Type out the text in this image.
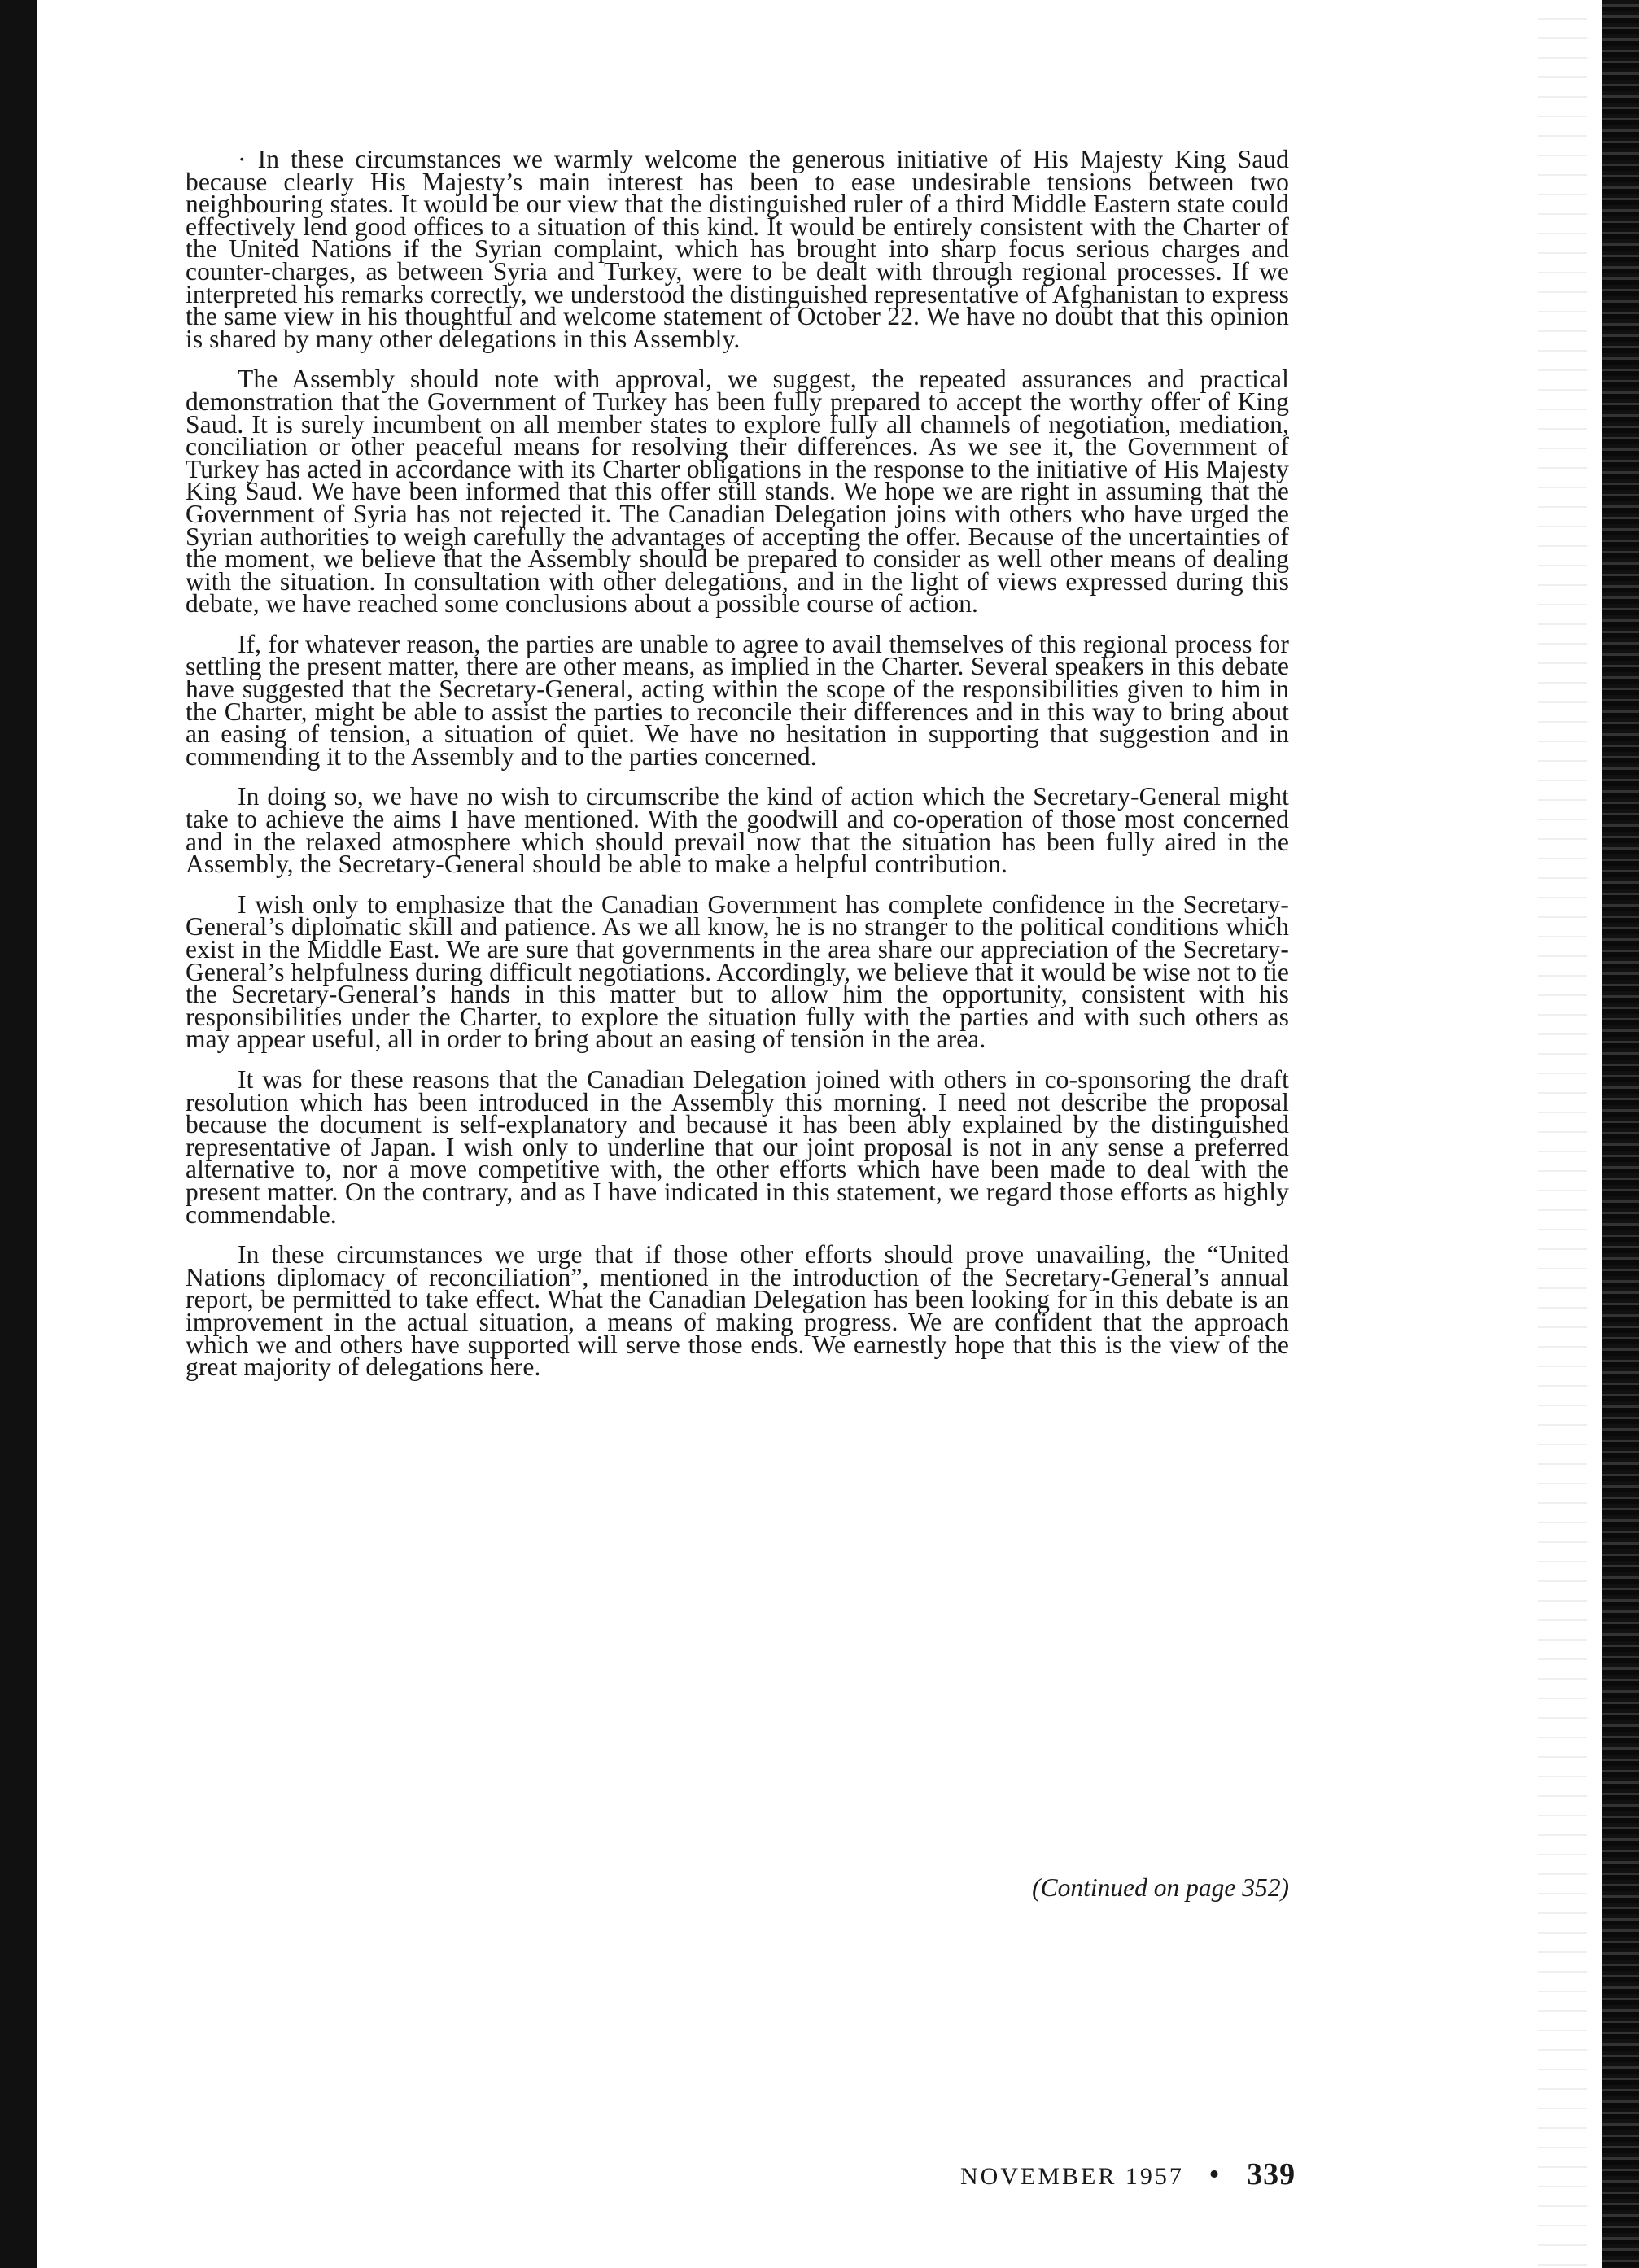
· In these circumstances we warmly welcome the generous initiative of His Majesty King Saud because clearly His Majesty’s main interest has been to ease undesirable tensions between two neighbouring states. It would be our view that the distinguished ruler of a third Middle Eastern state could effectively lend good offices to a situation of this kind. It would be entirely consistent with the Charter of the United Nations if the Syrian complaint, which has brought into sharp focus serious charges and counter-charges, as between Syria and Turkey, were to be dealt with through regional processes. If we interpreted his remarks correctly, we understood the distinguished representative of Afghanistan to express the same view in his thoughtful and welcome statement of October 22. We have no doubt that this opinion is shared by many other delegations in this Assembly.

The Assembly should note with approval, we suggest, the repeated assurances and practical demonstration that the Government of Turkey has been fully prepared to accept the worthy offer of King Saud. It is surely incumbent on all member states to explore fully all channels of negotiation, mediation, conciliation or other peaceful means for resolving their differences. As we see it, the Government of Turkey has acted in accordance with its Charter obligations in the response to the initiative of His Majesty King Saud. We have been informed that this offer still stands. We hope we are right in assuming that the Government of Syria has not rejected it. The Canadian Delegation joins with others who have urged the Syrian authorities to weigh carefully the advantages of accepting the offer. Because of the uncertainties of the moment, we believe that the Assembly should be prepared to consider as well other means of dealing with the situation. In consultation with other delegations, and in the light of views expressed during this debate, we have reached some conclusions about a possible course of action.

If, for whatever reason, the parties are unable to agree to avail themselves of this regional process for settling the present matter, there are other means, as implied in the Charter. Several speakers in this debate have suggested that the Secretary-General, acting within the scope of the responsibilities given to him in the Charter, might be able to assist the parties to reconcile their differences and in this way to bring about an easing of tension, a situation of quiet. We have no hesitation in supporting that suggestion and in commending it to the Assembly and to the parties concerned.

In doing so, we have no wish to circumscribe the kind of action which the Secretary-General might take to achieve the aims I have mentioned. With the goodwill and co-operation of those most concerned and in the relaxed atmosphere which should prevail now that the situation has been fully aired in the Assembly, the Secretary-General should be able to make a helpful contribution.

I wish only to emphasize that the Canadian Government has complete confidence in the Secretary-General’s diplomatic skill and patience. As we all know, he is no stranger to the political conditions which exist in the Middle East. We are sure that governments in the area share our appreciation of the Secretary-General’s helpfulness during difficult negotiations. Accordingly, we believe that it would be wise not to tie the Secretary-General’s hands in this matter but to allow him the opportunity, consistent with his responsibilities under the Charter, to explore the situation fully with the parties and with such others as may appear useful, all in order to bring about an easing of tension in the area.

It was for these reasons that the Canadian Delegation joined with others in co-sponsoring the draft resolution which has been introduced in the Assembly this morning. I need not describe the proposal because the document is self-explanatory and because it has been ably explained by the distinguished representative of Japan. I wish only to underline that our joint proposal is not in any sense a preferred alternative to, nor a move competitive with, the other efforts which have been made to deal with the present matter. On the contrary, and as I have indicated in this statement, we regard those efforts as highly commendable.

In these circumstances we urge that if those other efforts should prove unavailing, the “United Nations diplomacy of reconciliation”, mentioned in the introduction of the Secretary-General’s annual report, be permitted to take effect. What the Canadian Delegation has been looking for in this debate is an improvement in the actual situation, a means of making progress. We are confident that the approach which we and others have supported will serve those ends. We earnestly hope that this is the view of the great majority of delegations here.

(Continued on page 352)
NOVEMBER 1957 • 339
